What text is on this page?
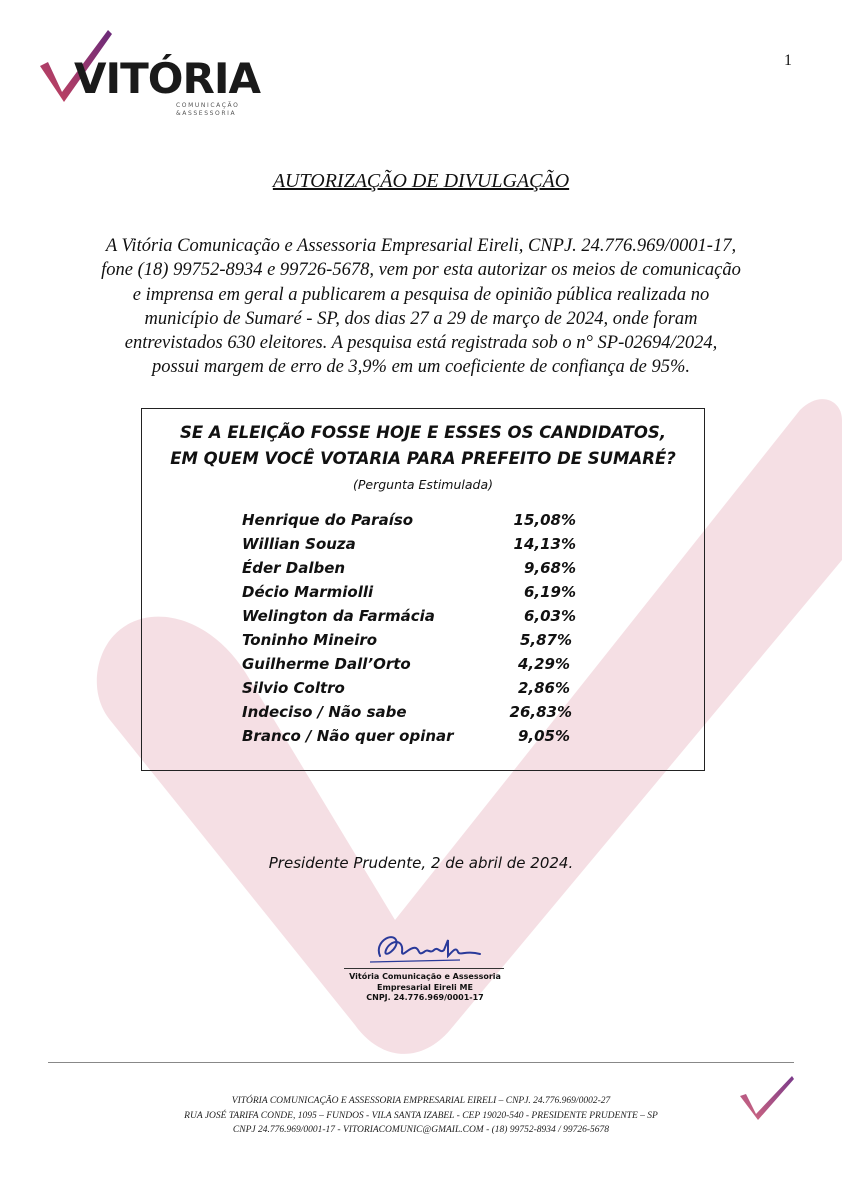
VITÓRIA
COMUNICAÇÃO
&ASSESSORIA
1
AUTORIZAÇÃO DE DIVULGAÇÃO
A Vitória Comunicação e Assessoria Empresarial Eireli, CNPJ. 24.776.969/0001-17,
fone (18) 99752-8934 e 99726-5678, vem por esta autorizar os meios de comunicação
e imprensa em geral a publicarem a pesquisa de opinião pública realizada no
município de Sumaré - SP, dos dias 27 a 29 de março de 2024, onde foram
entrevistados 630 eleitores. A pesquisa está registrada sob o n° SP-02694/2024,
possui margem de erro de 3,9% em um coeficiente de confiança de 95%.
SE A ELEIÇÃO FOSSE HOJE E ESSES OS CANDIDATOS,
EM QUEM VOCÊ VOTARIA PARA PREFEITO DE SUMARÉ?
(Pergunta Estimulada)
Henrique do Paraíso	15,08%
Willian Souza	14,13%
Éder Dalben	9,68%
Décio Marmiolli	6,19%
Welington da Farmácia	6,03%
Toninho Mineiro	5,87%
Guilherme Dall’Orto	4,29%
Silvio Coltro	2,86%
Indeciso / Não sabe	26,83%
Branco / Não quer opinar	9,05%
Presidente Prudente, 2 de abril de 2024.
Vitória Comunicação e Assessoria
Empresarial Eireli ME
CNPJ. 24.776.969/0001-17
VITÓRIA COMUNICAÇÃO E ASSESSORIA EMPRESARIAL EIRELI – CNPJ. 24.776.969/0002-27
RUA JOSÉ TARIFA CONDE, 1095 – FUNDOS - VILA SANTA IZABEL - CEP 19020-540 - PRESIDENTE PRUDENTE – SP
CNPJ 24.776.969/0001-17 - VITORIACOMUNIC@GMAIL.COM - (18) 99752-8934 / 99726-5678
